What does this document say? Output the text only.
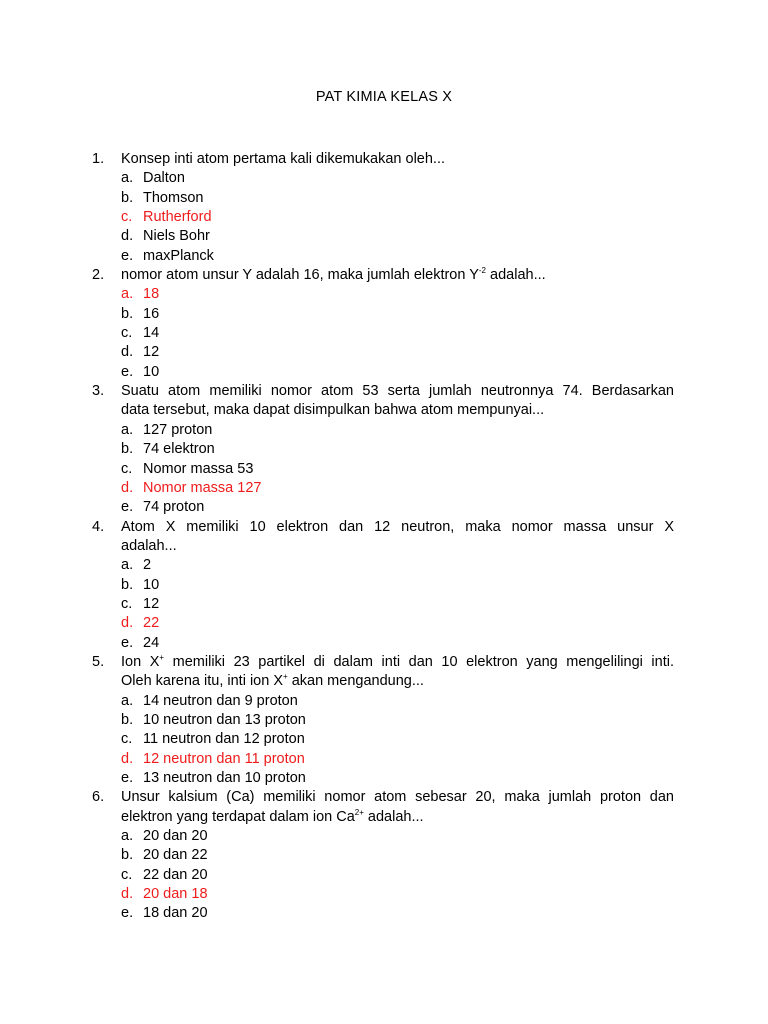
PAT KIMIA KELAS X
1. Konsep inti atom pertama kali dikemukakan oleh...
a. Dalton
b. Thomson
c. Rutherford
d. Niels Bohr
e. maxPlanck
2. nomor atom unsur Y adalah 16, maka jumlah elektron $Y^{-2}$ adalah...
a. 18
b. 16
c. 14
d. 12
e. 10
3. Suatu atom memiliki nomor atom 53 serta jumlah neutronnya 74. Berdasarkan
data tersebut, maka dapat disimpulkan bahwa atom mempunyai...
a. 127 proton
b. 74 elektron
c. Nomor massa 53
d. Nomor massa 127
e. 74 proton
4. Atom X memiliki 10 elektron dan 12 neutron, maka nomor massa unsur X
adalah...
a. 2
b. 10
c. 12
d. 22
e. 24
5. Ion X+ memiliki 23 partikel di dalam inti dan 10 elektron yang mengelilingi inti.
Oleh karena itu, inti ion X+ akan mengandung...
a. 14 neutron dan 9 proton
b. 10 neutron dan 13 proton
c. 11 neutron dan 12 proton
d. 12 neutron dan 11 proton
e. 13 neutron dan 10 proton
6. Unsur kalsium (Ca) memiliki nomor atom sebesar 20, maka jumlah proton dan
elektron yang terdapat dalam ion $Ca^{2+}$ adalah...
a. 20 dan 20
b. 20 dan 22
c. 22 dan 20
d. 20 dan 18
e. 18 dan 20
